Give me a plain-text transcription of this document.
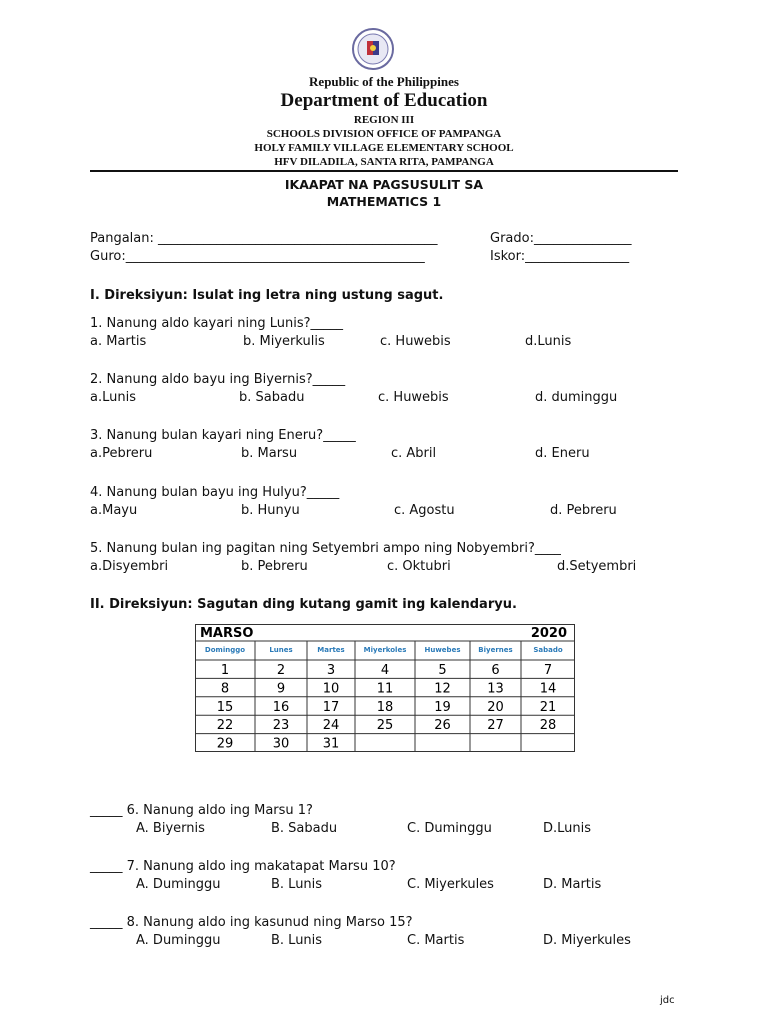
Republic of the Philippines
Department of Education
REGION III
SCHOOLS DIVISION OFFICE OF PAMPANGA
HOLY FAMILY VILLAGE ELEMENTARY SCHOOL
HFV DILADILA, SANTA RITA, PAMPANGA
IKAAPAT NA PAGSUSULIT SA
MATHEMATICS 1
Pangalan: ___________________________________________	Grado:_______________
Guro:______________________________________________	Iskor:________________
I. Direksiyun: Isulat ing letra ning ustung sagut.
1. Nanung aldo kayari ning Lunis?_____
a. Martis	b. Miyerkulis	c. Huwebis	d.Lunis
2. Nanung aldo bayu ing Biyernis?_____
a.Lunis	b. Sabadu	c. Huwebis	d. duminggu
3. Nanung bulan kayari ning Eneru?_____
a.Pebreru	b. Marsu	c. Abril	d. Eneru
4. Nanung bulan bayu ing Hulyu?_____
a.Mayu	b. Hunyu	c. Agostu	d. Pebreru
5. Nanung bulan ing pagitan ning Setyembri ampo ning Nobyembri?____
a.Disyembri	b. Pebreru	c. Oktubri	d.Setyembri
II. Direksiyun: Sagutan ding kutang gamit ing kalendaryu.
MARSO	2020
Dominggo	Lunes	Martes	Miyerkoles	Huwebes	Biyernes	Sabado
1	2	3	4	5	6	7
8	9	10	11	12	13	14
15	16	17	18	19	20	21
22	23	24	25	26	27	28
29	30	31
_____ 6. Nanung aldo ing Marsu 1?
A. Biyernis	B. Sabadu	C. Duminggu	D.Lunis
_____ 7. Nanung aldo ing makatapat Marsu 10?
A. Duminggu	B. Lunis	C. Miyerkules	D. Martis
_____ 8. Nanung aldo ing kasunud ning Marso 15?
A. Duminggu	B. Lunis	C. Martis	D. Miyerkules
jdc
